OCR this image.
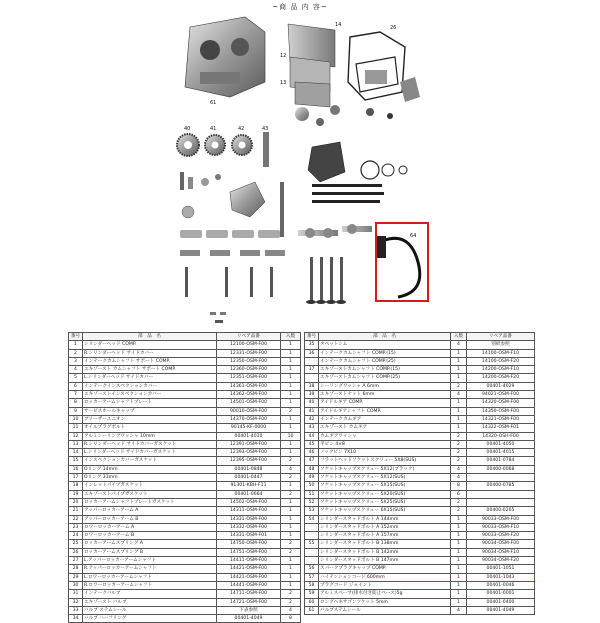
~商 品 内 容~
14
12
13
26
61
40	41	42	43
64
番号	部　品　名	リペア品番	入数
1	シリンダーヘッド COMP.	12100-OSM-F00	1
2	R.シリンダーヘッド サイドカバー	12331-OSM-F00	1
3	インテークカムシャフト サポート COMP.	12350-OSM-F00	1
4	エキゾースト カムシャフト サポート COMP.	12360-OSM-F00	1
5	L.シリンダーヘッド サイドカバー	12351-OSM-F00	1
6	インテークインスペクションカバー	14361-OSM-F00	1
7	エキゾーストインスペクションカバー	14362-OSM-F00	1
8	ロッカーアームシャフトプレート	14501-OSM-F00	1
9	サービスホールキャップ	90010-OSM-F00	2
10	ブリーザーユニオン	14370-OSM-F00	1
11	オイルプラグボルト	90145-KF-0000	1
12	アルミシーリングワッシャ 10mm	00401-4010	10
13	R.シリンダーヘッド サイドカバーガスケット	12391-OSM-F00	1
14	L.シリンダーヘッド サイドカバーガスケット	12393-OSM-F00	1
15	インスペクションカバーガスケット	12395-OSM-F00	2
16	Oリング 14mm	00401-0848	4
17	Oリング 33mm	00401-0447	2
18	インレットパイプガスケット	91301-KBH-F11	1
19	エキゾーストパイプガスケット	00401-0664	2
20	ロッカーアームシャフトプレートガスケット	14502-OSM-F00	1
21	アッパーロッカーアーム A	14311-OSM-F00	1
22	アッパーロッカーアーム B	14331-OSM-F00	1
23	ロワーロッカーアーム A	14332-OSM-F00	1
24	ロワーロッカーアーム B	14331-OSM-F01	1
25	ロッカーアームスプリング A	14750-OSM-F00	2
26	ロッカーアームスプリング B	14751-OSM-F00	2
27	L.アッパーロッカーアームシャフト	14411-OSM-F00	1
28	R.アッパーロッカーアームシャフト	14421-OSM-F00	1
29	L.ロワーロッカーアームシャフト	14421-OSM-F00	1
30	R.ロワーロッカーアームシャフト	14441-OSM-F00	1
31	インテークバルブ	14711-OSM-F00	2
32	エキゾースト バルブ	14721-OSM-F00	2
33	バルブ ステムシール	下表参照	4
34	バルブ ハーフリング	00401-4049	8
番号	部　品　名	入数	リペア品番
35	タペットシム	4	別紙参照
36	インテークカムシャフト COMP.(15)	1	14100-OSM-F10
	インテークカムシャフト COMP.(25)	1	14100-OSM-F20
37	エキゾーストカムシャフト COMP.(15)	1	14200-OSM-F10
	エキゾーストカムシャフト COMP.(25)	1	14200-OSM-F20
38	シーリングワッシャ A 6mm	2	00401-4029
39	エキゾーストナット 6mm	4	94021-OSM-F00
40	アイドルギア COMP.	1	14320-OSM-F00
41	アイドルギアシャフト COMP.	1	14350-OSM-F00
42	インテークカムギア	1	14321-OSM-F00
43	エキゾースト カムギア	1	14322-OSM-F01
44	カムギアワッシャ	2	14320-OSH-F00
45	平ピン 4×8	2	00401-4050
46	ノックピン 7X10	2	00401-4015
47	フラットヘッドソケットスクリュー 5X8(SUS)	2	00401-0784
48	ソケットキャップスクリュー 5X12(ブラック)	4	00400-0068
49	ソケットキャップスクリュー 5X12(SUS)	4	
50	ソケットキャップスクリュー 5X15(SUS)	8	00400-0785
51	ソケットキャップスクリュー 5X20(SUS)	6	
52	ソケットキャップスクリュー 5X25(SUS)	2	
53	ソケットキャップスクリュー 6X15(SUS)	2	00400-0205
54	シリンダースタッドボルト A 144mm	1	90033-OSM-F00
	シリンダースタッドボルト A 152mm	1	90033-OSM-F10
	シリンダースタッドボルト A 157mm	1	90033-OSM-F20
55	シリンダースタッドボルト B 138mm	1	90034-OSM-F00
	シリンダースタッドボルト B 142mm	1	90034-OSM-F10
	シリンダースタッドボルト B 147mm	1	90034-OSM-F20
56	スパークプラグキャップ COMP.	1	00401-1051
57	ハイテンションコード 600mm	1	00401-1043
58	プラグコード ジョイント	1	00401-0046
59	アルミスペーサ(排水付き防止ベース)5g	1	00401-0001
60	ロングヘキサゴンソケット 5mm	1	00401-0400
61	バルブステムシール	4	00401-4049
